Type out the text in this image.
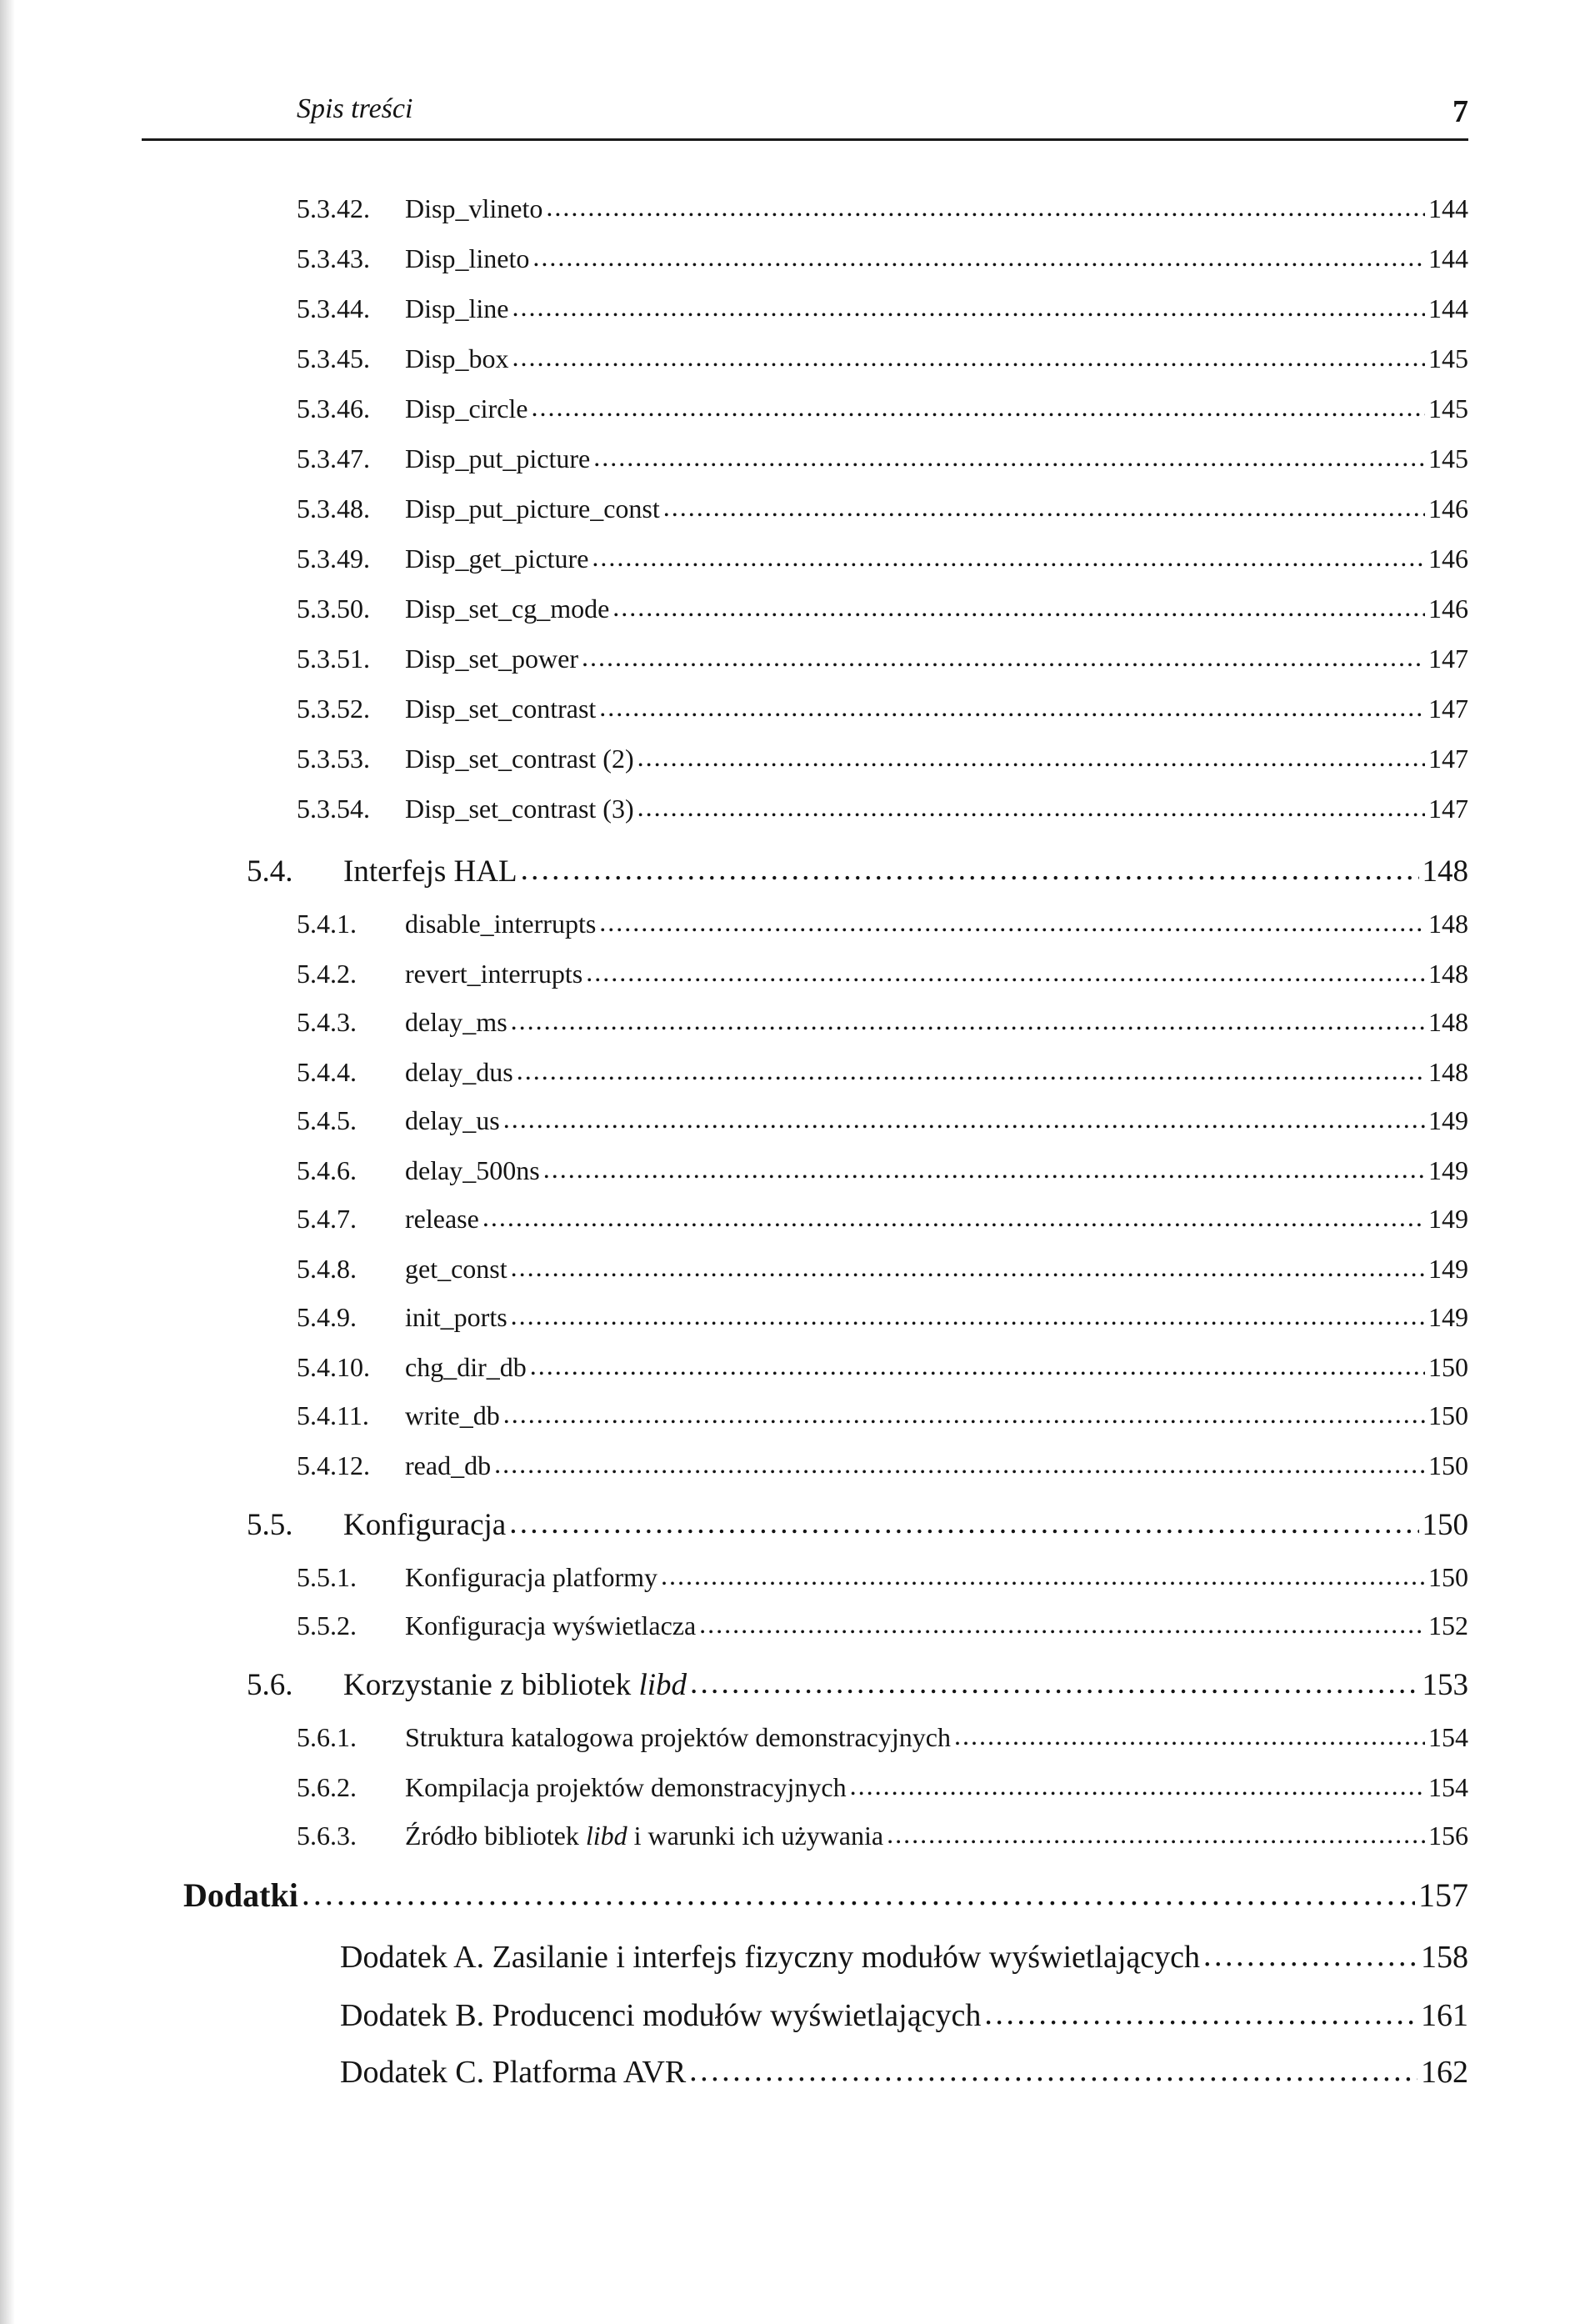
Spis treści	7
5.3.42.	Disp_vlineto . . .	144
5.3.43.	Disp_lineto . . .	144
5.3.44.	Disp_line . . .	144
5.3.45.	Disp_box . . .	145
5.3.46.	Disp_circle . . .	145
5.3.47.	Disp_put_picture . . .	145
5.3.48.	Disp_put_picture_const . . .	146
5.3.49.	Disp_get_picture . . .	146
5.3.50.	Disp_set_cg_mode . . .	146
5.3.51.	Disp_set_power . . .	147
5.3.52.	Disp_set_contrast . . .	147
5.3.53.	Disp_set_contrast (2) . . .	147
5.3.54.	Disp_set_contrast (3) . . .	147
5.4.	Interfejs HAL . . .	148
5.4.1.	disable_interrupts . . .	148
5.4.2.	revert_interrupts . . .	148
5.4.3.	delay_ms . . .	148
5.4.4.	delay_dus . . .	148
5.4.5.	delay_us . . .	149
5.4.6.	delay_500ns . . .	149
5.4.7.	release . . .	149
5.4.8.	get_const . . .	149
5.4.9.	init_ports . . .	149
5.4.10.	chg_dir_db . . .	150
5.4.11.	write_db . . .	150
5.4.12.	read_db . . .	150
5.5.	Konfiguracja . . .	150
5.5.1.	Konfiguracja platformy . . .	150
5.5.2.	Konfiguracja wyświetlacza . . .	152
5.6.	Korzystanie z bibliotek libd . . .	153
5.6.1.	Struktura katalogowa projektów demonstracyjnych . . .	154
5.6.2.	Kompilacja projektów demonstracyjnych . . .	154
5.6.3.	Źródło bibliotek libd i warunki ich używania . . .	156
Dodatki . . .	157
Dodatek A. Zasilanie i interfejs fizyczny modułów wyświetlających . . .	158
Dodatek B. Producenci modułów wyświetlających . . .	161
Dodatek C. Platforma AVR . . .	162
